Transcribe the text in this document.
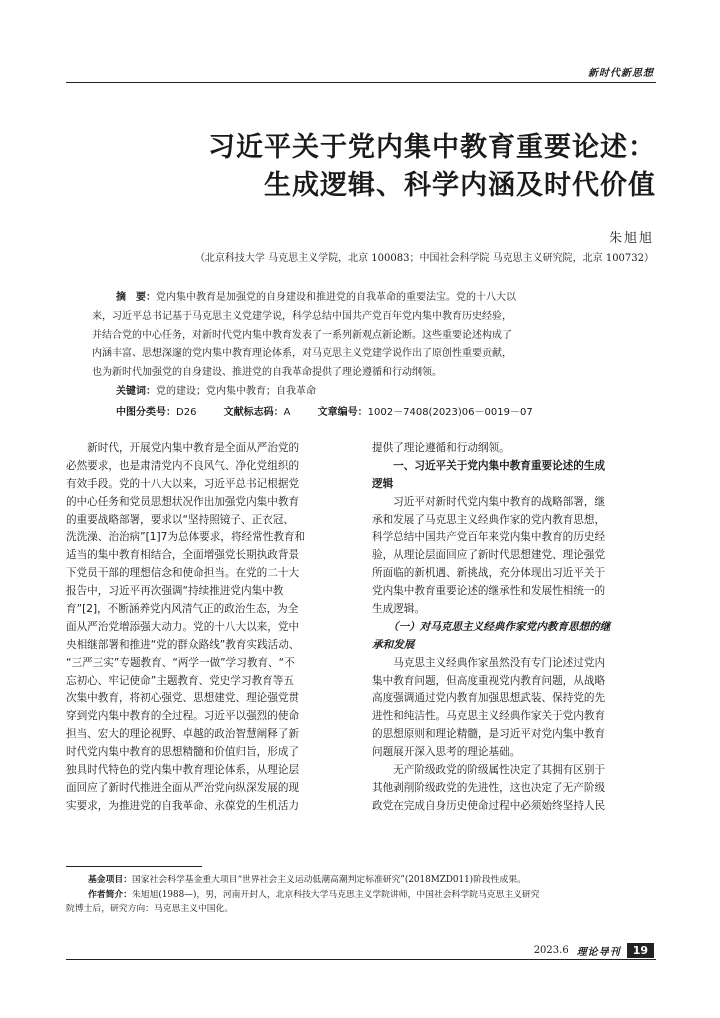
新时代新思想
习近平关于党内集中教育重要论述：
生成逻辑、科学内涵及时代价值
朱旭旭
（北京科技大学 马克思主义学院，北京 100083；中国社会科学院 马克思主义研究院，北京 100732）
摘　要：党内集中教育是加强党的自身建设和推进党的自我革命的重要法宝。党的十八大以
来，习近平总书记基于马克思主义党建学说，科学总结中国共产党百年党内集中教育历史经验，
并结合党的中心任务，对新时代党内集中教育发表了一系列新观点新论断。这些重要论述构成了
内涵丰富、思想深邃的党内集中教育理论体系，对马克思主义党建学说作出了原创性重要贡献，
也为新时代加强党的自身建设、推进党的自我革命提供了理论遵循和行动纲领。
关键词：党的建设；党内集中教育；自我革命
中图分类号：D26	文献标志码：A	文章编号：1002－7408(2023)06－0019－07
　　新时代，开展党内集中教育是全面从严治党的
必然要求，也是肃清党内不良风气、净化党组织的
有效手段。党的十八大以来，习近平总书记根据党
的中心任务和党员思想状况作出加强党内集中教育
的重要战略部署，要求以“坚持照镜子、正衣冠、
洗洗澡、治治病”[1]7为总体要求，将经常性教育和
适当的集中教育相结合，全面增强党长期执政背景
下党员干部的理想信念和使命担当。在党的二十大
报告中，习近平再次强调“持续推进党内集中教
育”[2]，不断涵养党内风清气正的政治生态，为全
面从严治党增添强大动力。党的十八大以来，党中
央相继部署和推进“党的群众路线”教育实践活动、
“三严三实”专题教育、“两学一做”学习教育、“不
忘初心、牢记使命”主题教育、党史学习教育等五
次集中教育，将初心强党、思想建党、理论强党贯
穿到党内集中教育的全过程。习近平以强烈的使命
担当、宏大的理论视野、卓越的政治智慧阐释了新
时代党内集中教育的思想精髓和价值归旨，形成了
独具时代特色的党内集中教育理论体系，从理论层
面回应了新时代推进全面从严治党向纵深发展的现
实要求，为推进党的自我革命、永葆党的生机活力
提供了理论遵循和行动纲领。
　　一、习近平关于党内集中教育重要论述的生成
逻辑
　　习近平对新时代党内集中教育的战略部署，继
承和发展了马克思主义经典作家的党内教育思想，
科学总结中国共产党百年来党内集中教育的历史经
验，从理论层面回应了新时代思想建党、理论强党
所面临的新机遇、新挑战，充分体现出习近平关于
党内集中教育重要论述的继承性和发展性相统一的
生成逻辑。
　　（一）对马克思主义经典作家党内教育思想的继
承和发展
　　马克思主义经典作家虽然没有专门论述过党内
集中教育问题，但高度重视党内教育问题，从战略
高度强调通过党内教育加强思想武装、保持党的先
进性和纯洁性。马克思主义经典作家关于党内教育
的思想原则和理论精髓，是习近平对党内集中教育
问题展开深入思考的理论基础。
　　无产阶级政党的阶级属性决定了其拥有区别于
其他剥削阶级政党的先进性，这也决定了无产阶级
政党在完成自身历史使命过程中必须始终坚持人民
基金项目：国家社会科学基金重大项目“世界社会主义运动低潮高潮判定标准研究”(2018MZD011)阶段性成果。
作者简介：朱旭旭(1988—)，男，河南开封人，北京科技大学马克思主义学院讲师，中国社会科学院马克思主义研究
院博士后，研究方向：马克思主义中国化。
2023.6 理论导刊	19
